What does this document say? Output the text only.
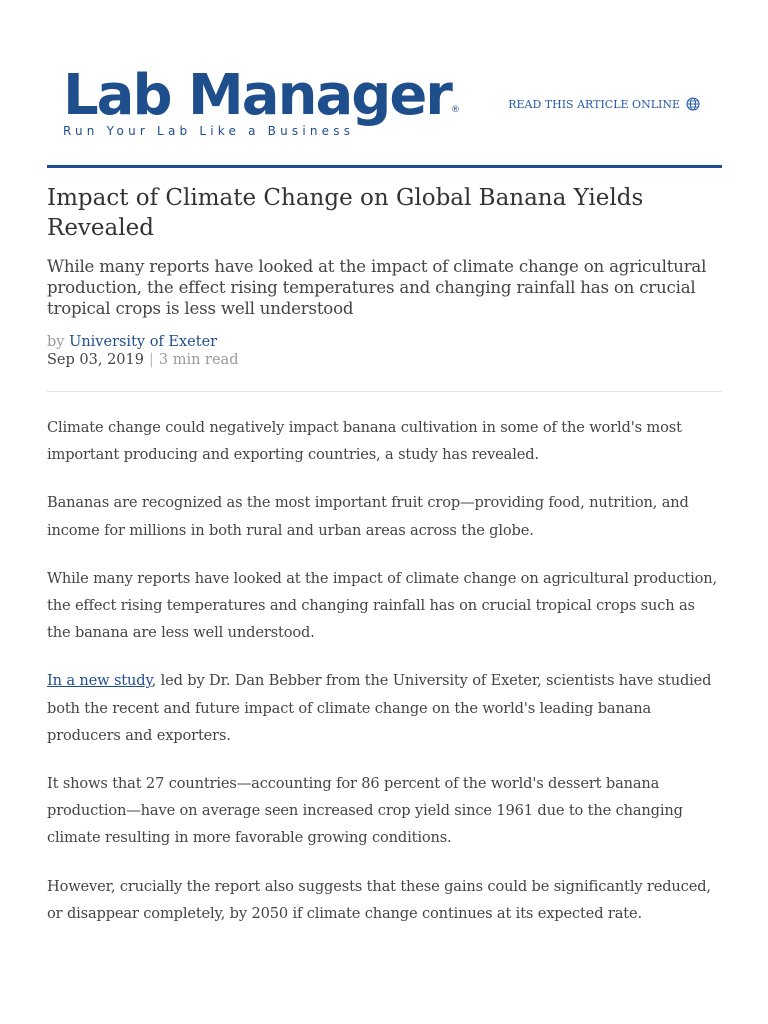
Lab Manager®
Run Your Lab Like a Business
READ THIS ARTICLE ONLINE
Impact of Climate Change on Global Banana Yields Revealed
While many reports have looked at the impact of climate change on agricultural production, the effect rising temperatures and changing rainfall has on crucial tropical crops is less well understood
by University of Exeter
Sep 03, 2019 | 3 min read

Climate change could negatively impact banana cultivation in some of the world's most important producing and exporting countries, a study has revealed.

Bananas are recognized as the most important fruit crop—providing food, nutrition, and income for millions in both rural and urban areas across the globe.

While many reports have looked at the impact of climate change on agricultural production, the effect rising temperatures and changing rainfall has on crucial tropical crops such as the banana are less well understood.

In a new study, led by Dr. Dan Bebber from the University of Exeter, scientists have studied both the recent and future impact of climate change on the world's leading banana producers and exporters.

It shows that 27 countries—accounting for 86 percent of the world's dessert banana production—have on average seen increased crop yield since 1961 due to the changing climate resulting in more favorable growing conditions.

However, crucially the report also suggests that these gains could be significantly reduced, or disappear completely, by 2050 if climate change continues at its expected rate.
